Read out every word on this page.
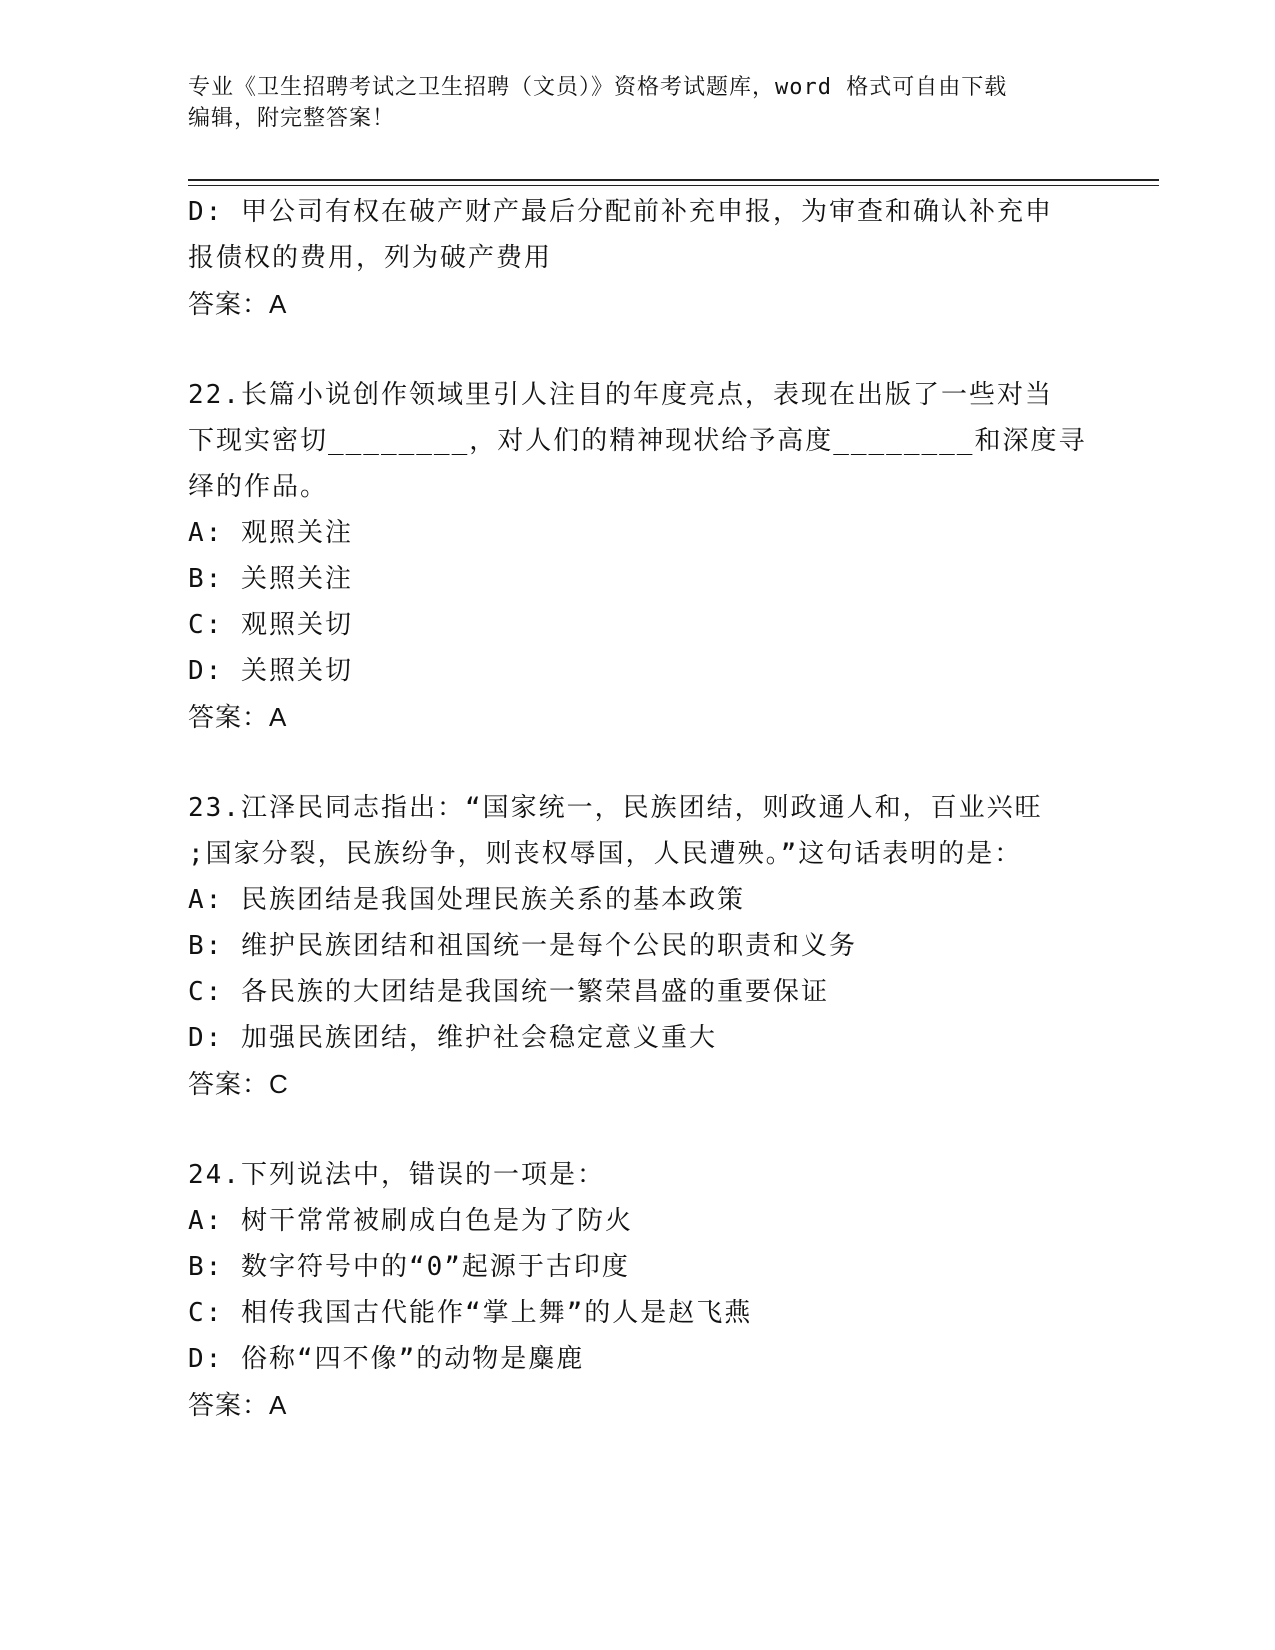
专业《卫生招聘考试之卫生招聘（文员）》资格考试题库，word 格式可自由下载
编辑，附完整答案！
D: 甲公司有权在破产财产最后分配前补充申报，为审查和确认补充申
报债权的费用，列为破产费用
答案：A
22.长篇小说创作领域里引人注目的年度亮点，表现在出版了一些对当
下现实密切________，对人们的精神现状给予高度________和深度寻
绎的作品。
A: 观照关注
B: 关照关注
C: 观照关切
D: 关照关切
答案：A
23.江泽民同志指出：“国家统一，民族团结，则政通人和，百业兴旺
;国家分裂，民族纷争，则丧权辱国，人民遭殃。”这句话表明的是：
A: 民族团结是我国处理民族关系的基本政策
B: 维护民族团结和祖国统一是每个公民的职责和义务
C: 各民族的大团结是我国统一繁荣昌盛的重要保证
D: 加强民族团结，维护社会稳定意义重大
答案：C
24.下列说法中，错误的一项是：
A: 树干常常被刷成白色是为了防火
B: 数字符号中的“0”起源于古印度
C: 相传我国古代能作“掌上舞”的人是赵飞燕
D: 俗称“四不像”的动物是麋鹿
答案：A
